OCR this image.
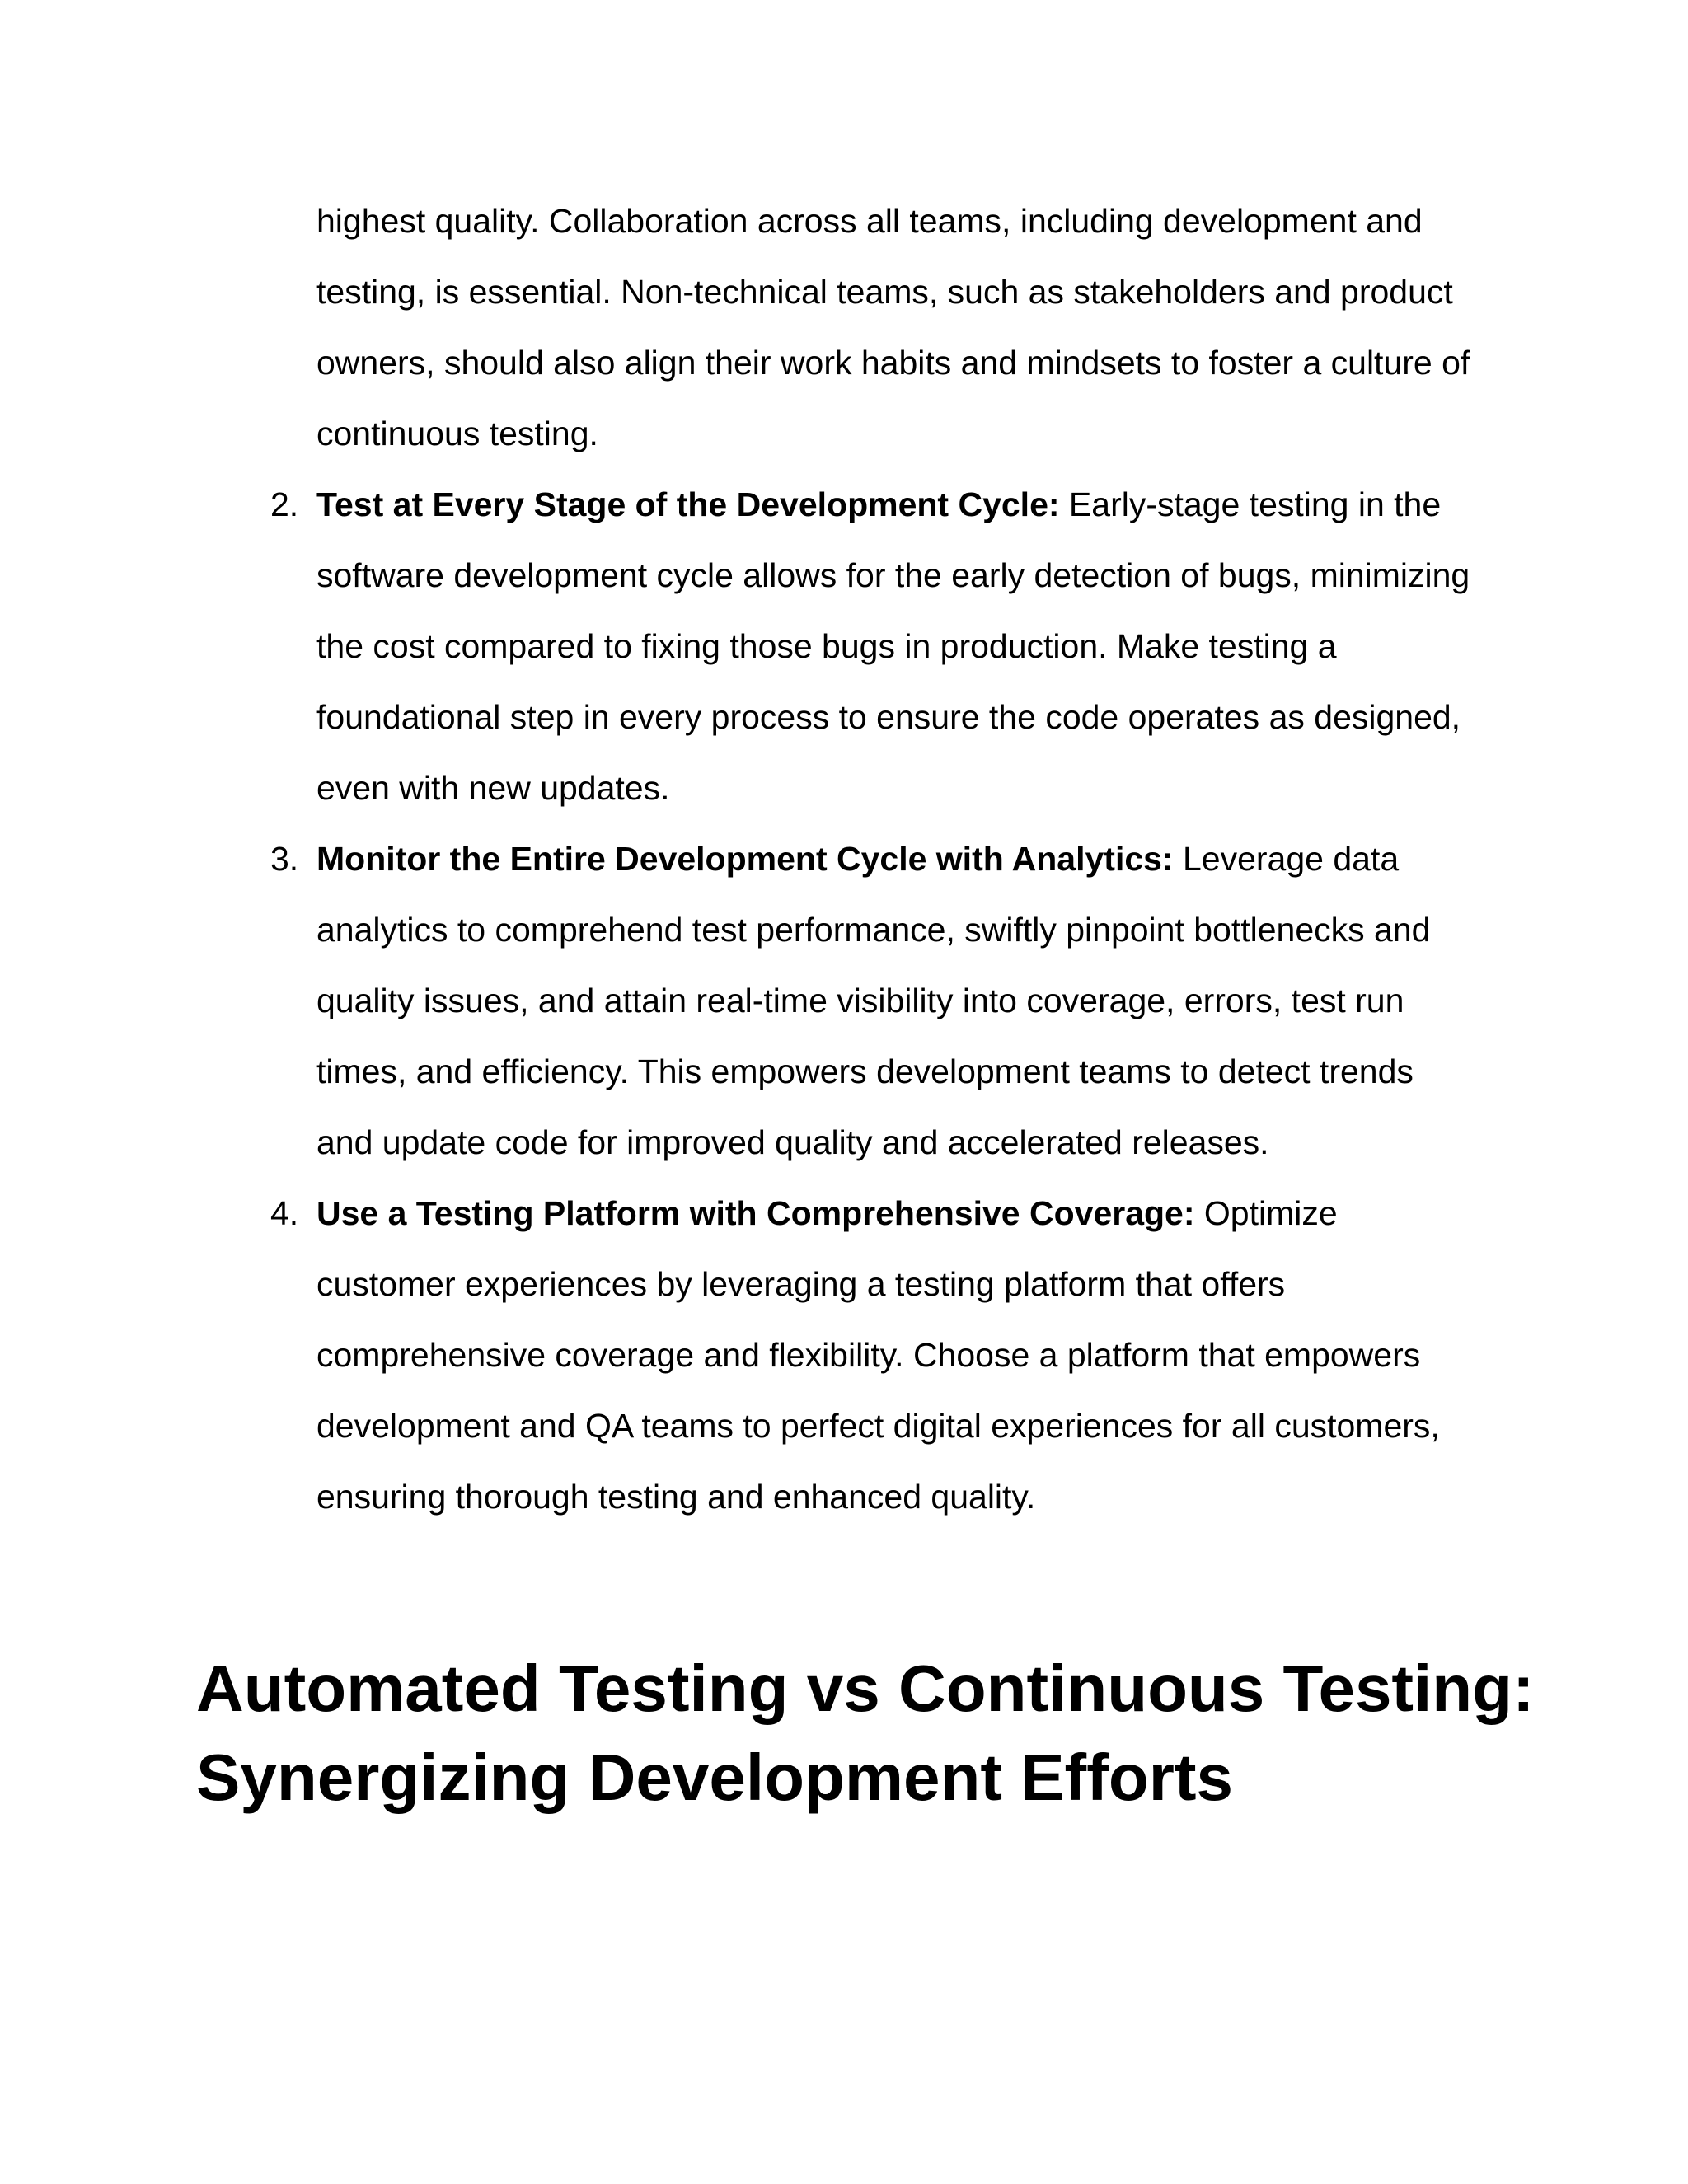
highest quality. Collaboration across all teams, including development and testing, is essential. Non-technical teams, such as stakeholders and product owners, should also align their work habits and mindsets to foster a culture of continuous testing.
2. Test at Every Stage of the Development Cycle: Early-stage testing in the software development cycle allows for the early detection of bugs, minimizing the cost compared to fixing those bugs in production. Make testing a foundational step in every process to ensure the code operates as designed, even with new updates.
3. Monitor the Entire Development Cycle with Analytics: Leverage data analytics to comprehend test performance, swiftly pinpoint bottlenecks and quality issues, and attain real-time visibility into coverage, errors, test run times, and efficiency. This empowers development teams to detect trends and update code for improved quality and accelerated releases.
4. Use a Testing Platform with Comprehensive Coverage: Optimize customer experiences by leveraging a testing platform that offers comprehensive coverage and flexibility. Choose a platform that empowers development and QA teams to perfect digital experiences for all customers, ensuring thorough testing and enhanced quality.
Automated Testing vs Continuous Testing: Synergizing Development Efforts
